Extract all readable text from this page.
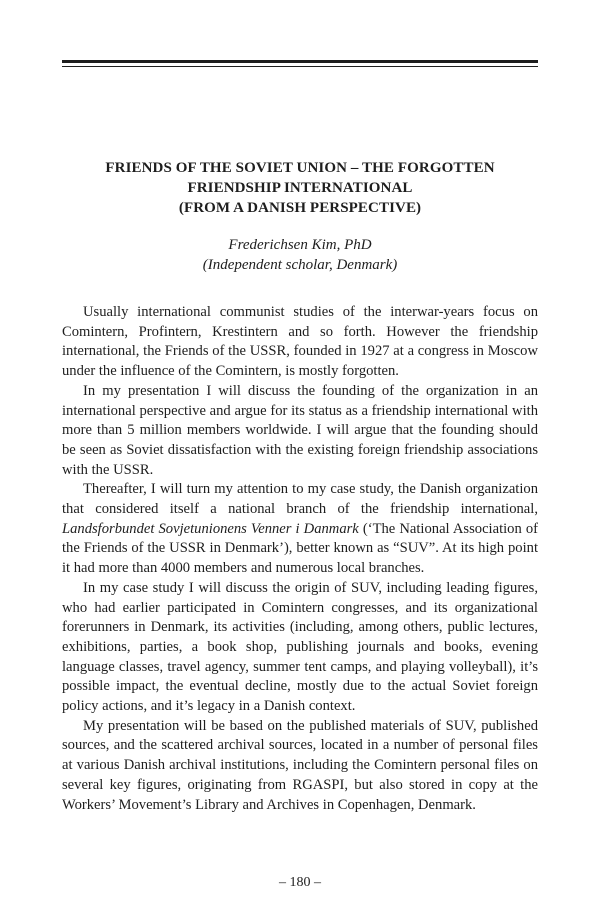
FRIENDS OF THE SOVIET UNION – THE FORGOTTEN
FRIENDSHIP INTERNATIONAL
(FROM A DANISH PERSPECTIVE)
Frederichsen Kim, PhD
(Independent scholar, Denmark)

Usually international communist studies of the interwar-years focus on Comintern, Profintern, Krestintern and so forth. However the friendship international, the Friends of the USSR, founded in 1927 at a congress in Moscow under the influence of the Comintern, is mostly forgotten.

In my presentation I will discuss the founding of the organization in an international perspective and argue for its status as a friendship international with more than 5 million members worldwide. I will argue that the founding should be seen as Soviet dissatisfaction with the existing foreign friendship associations with the USSR.

Thereafter, I will turn my attention to my case study, the Danish organization that considered itself a national branch of the friendship international, Landsforbundet Sovjetunionens Venner i Danmark (‘The National Association of the Friends of the USSR in Denmark’), better known as “SUV”. At its high point it had more than 4000 members and numerous local branches.

In my case study I will discuss the origin of SUV, including leading figures, who had earlier participated in Comintern congresses, and its organizational forerunners in Denmark, its activities (including, among others, public lectures, exhibitions, parties, a book shop, publishing journals and books, evening language classes, travel agency, summer tent camps, and playing volleyball), it’s possible impact, the eventual decline, mostly due to the actual Soviet foreign policy actions, and it’s legacy in a Danish context.

My presentation will be based on the published materials of SUV, published sources, and the scattered archival sources, located in a number of personal files at various Danish archival institutions, including the Comintern personal files on several key figures, originating from RGASPI, but also stored in copy at the Workers’ Movement’s Library and Archives in Copenhagen, Denmark.

– 180 –
